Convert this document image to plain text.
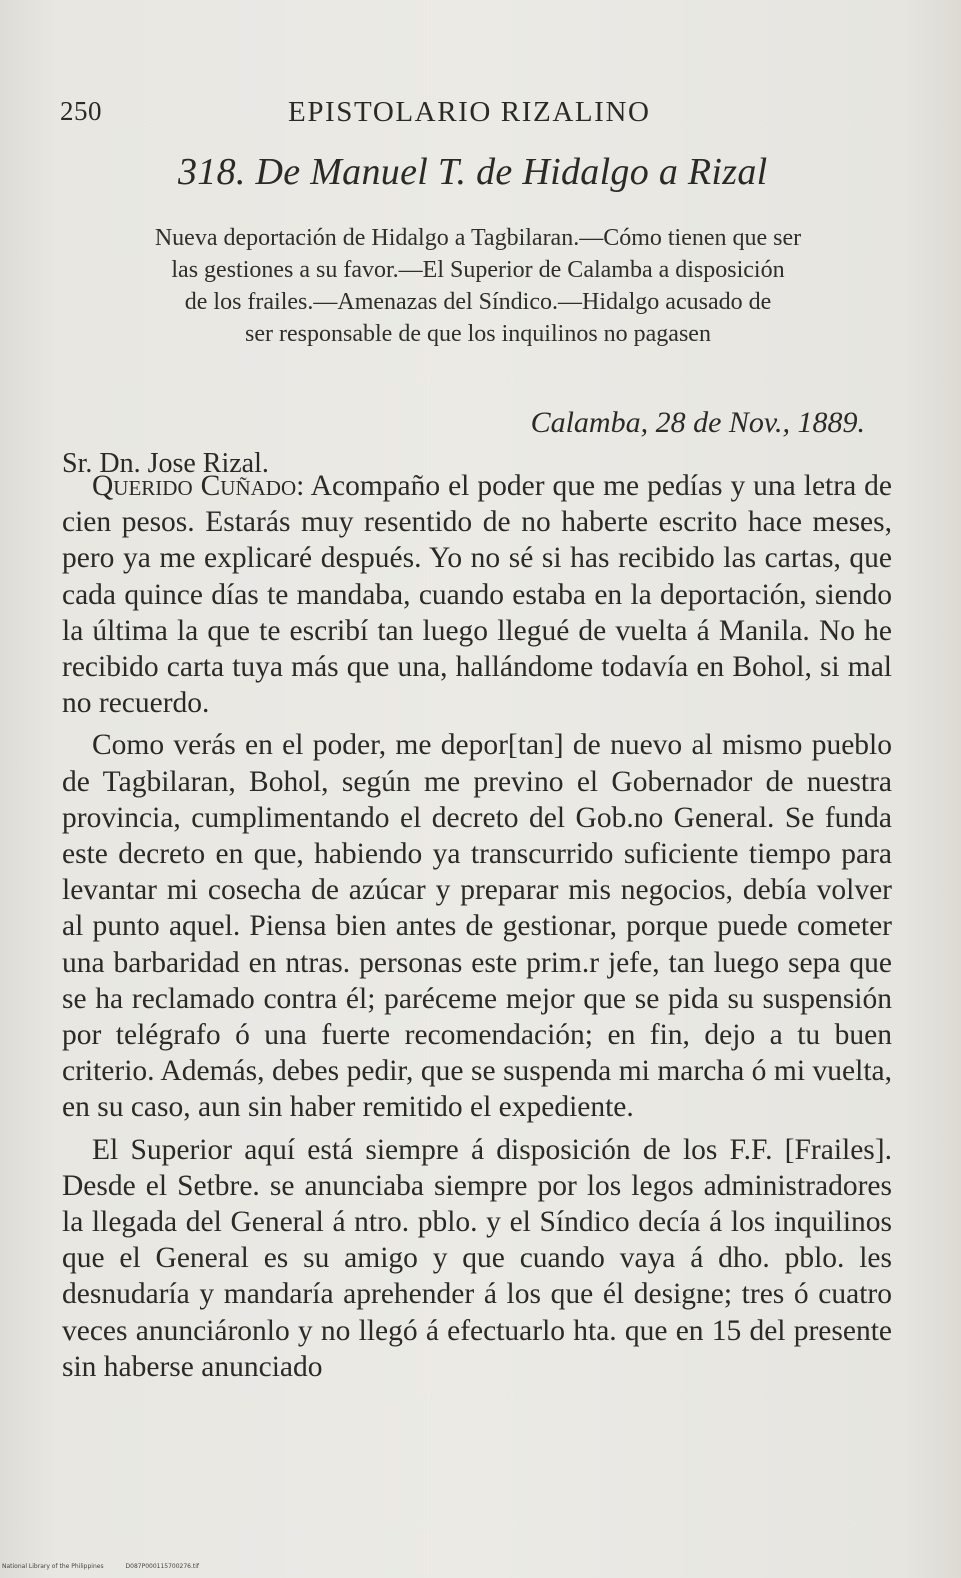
250	EPISTOLARIO RIZALINO
318. De Manuel T. de Hidalgo a Rizal
Nueva deportación de Hidalgo a Tagbilaran.—Cómo tienen que ser
las gestiones a su favor.—El Superior de Calamba a disposición
de los frailes.—Amenazas del Síndico.—Hidalgo acusado de
ser responsable de que los inquilinos no pagasen
Calamba, 28 de Nov., 1889.
Sr. Dn. Jose Rizal.

Querido Cuñado: Acompaño el poder que me pedías y una letra de cien pesos. Estarás muy resentido de no haberte escrito hace meses, pero ya me explicaré después. Yo no sé si has recibido las cartas, que cada quince días te mandaba, cuando estaba en la deportación, siendo la última la que te escribí tan luego llegué de vuelta á Manila. No he recibido carta tuya más que una, hallándome todavía en Bohol, si mal no recuerdo.

Como verás en el poder, me depor[tan] de nuevo al mismo pueblo de Tagbilaran, Bohol, según me previno el Gobernador de nuestra provincia, cumplimentando el decreto del Gob.no General. Se funda este decreto en que, habiendo ya transcurrido suficiente tiempo para levantar mi cosecha de azúcar y preparar mis negocios, debía volver al punto aquel. Piensa bien antes de gestionar, porque puede cometer una barbaridad en ntras. personas este prim.r jefe, tan luego sepa que se ha reclamado contra él; paréceme mejor que se pida su suspensión por telégrafo ó una fuerte recomendación; en fin, dejo a tu buen criterio. Además, debes pedir, que se suspenda mi marcha ó mi vuelta, en su caso, aun sin haber remitido el expediente.

El Superior aquí está siempre á disposición de los F.F. [Frailes]. Desde el Setbre. se anunciaba siempre por los legos administradores la llegada del General á ntro. pblo. y el Síndico decía á los inquilinos que el General es su amigo y que cuando vaya á dho. pblo. les desnudaría y mandaría aprehender á los que él designe; tres ó cuatro veces anunciáronlo y no llegó á efectuarlo hta. que en 15 del presente sin haberse anunciado

National Library of the Philippines	D087P000115700276.tif
